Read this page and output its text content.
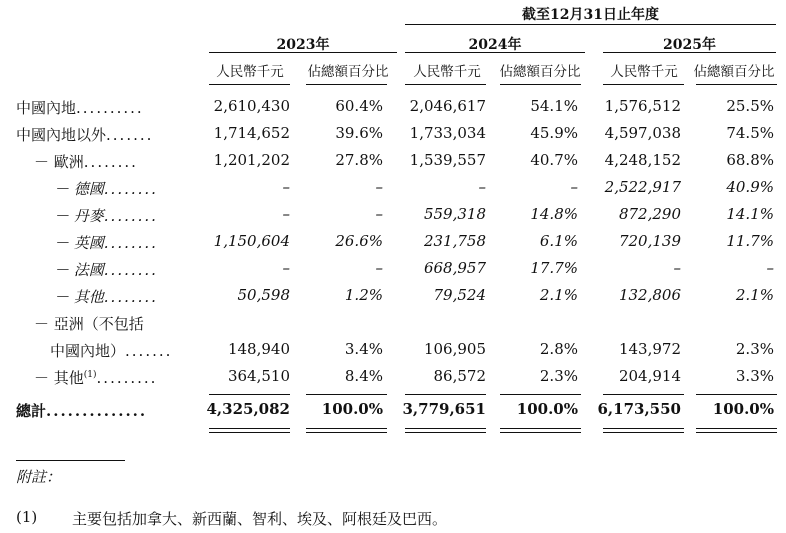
截至12月31日止年度
2023年	2024年	2025年
人民幣千元	佔總額百分比	人民幣千元	佔總額百分比	人民幣千元	佔總額百分比
中國內地..........	2,610,430	60.4%	2,046,617	54.1%	1,576,512	25.5%
中國內地以外.......	1,714,652	39.6%	1,733,034	45.9%	4,597,038	74.5%
－ 歐洲........	1,201,202	27.8%	1,539,557	40.7%	4,248,152	68.8%
－ 德國........	–	–	–	–	2,522,917	40.9%
－ 丹麥........	–	–	559,318	14.8%	872,290	14.1%
－ 英國........	1,150,604	26.6%	231,758	6.1%	720,139	11.7%
－ 法國........	–	–	668,957	17.7%	–	–
－ 其他........	50,598	1.2%	79,524	2.1%	132,806	2.1%
－ 亞洲（不包括
中國內地）.......	148,940	3.4%	106,905	2.8%	143,972	2.3%
－ 其他$^{(1)}$.........	364,510	8.4%	86,572	2.3%	204,914	3.3%
總計..............	4,325,082	100.0%	3,779,651	100.0%	6,173,550	100.0%
附註：
(1) 主要包括加拿大、新西蘭、智利、埃及、阿根廷及巴西。
